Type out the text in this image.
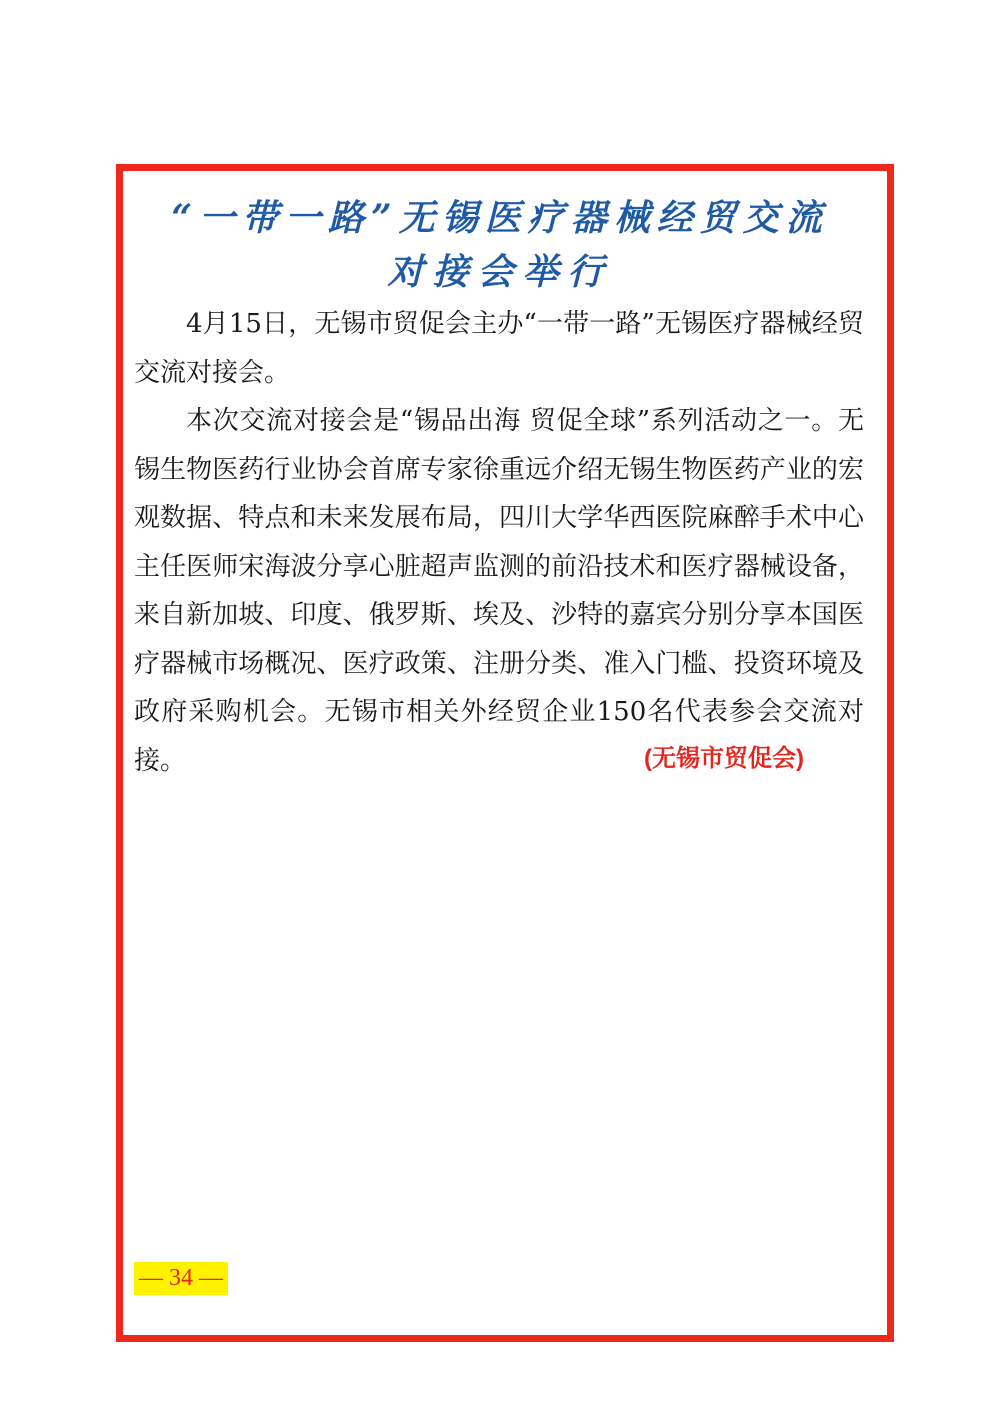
“一带一路”无锡医疗器械经贸交流
对接会举行

4月15日，无锡市贸促会主办“一带一路”无锡医疗器械经贸交流对接会。

本次交流对接会是“锡品出海 贸促全球”系列活动之一。无锡生物医药行业协会首席专家徐重远介绍无锡生物医药产业的宏观数据、特点和未来发展布局，四川大学华西医院麻醉手术中心主任医师宋海波分享心脏超声监测的前沿技术和医疗器械设备，来自新加坡、印度、俄罗斯、埃及、沙特的嘉宾分别分享本国医疗器械市场概况、医疗政策、注册分类、准入门槛、投资环境及政府采购机会。无锡市相关外经贸企业150名代表参会交流对接。	(无锡市贸促会)
— 34 —
